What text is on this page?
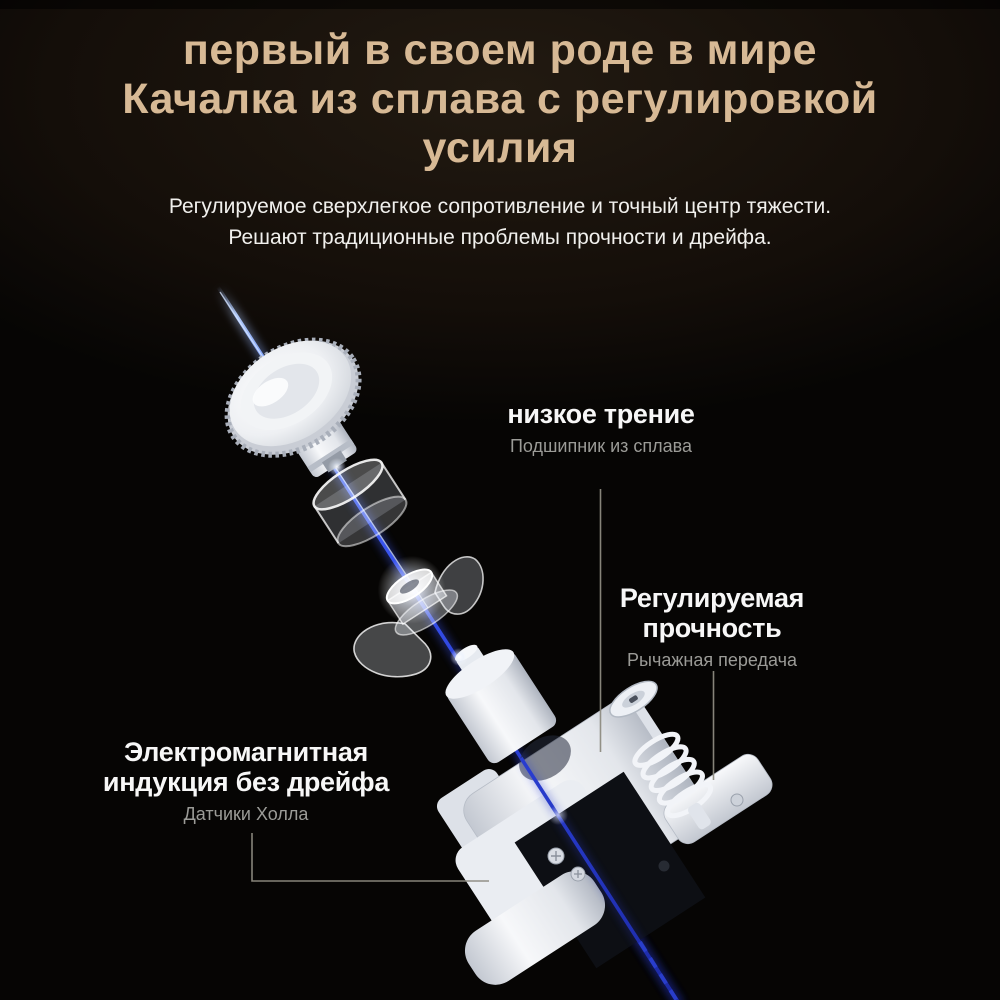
первый в своем роде в мире
Качалка из сплава с регулировкой
усилия
Регулируемое сверхлегкое сопротивление и точный центр тяжести.
Решают традиционные проблемы прочности и дрейфа.
низкое трение
Подшипник из сплава
Регулируемая
прочность
Рычажная передача
Электромагнитная
индукция без дрейфа
Датчики Холла
